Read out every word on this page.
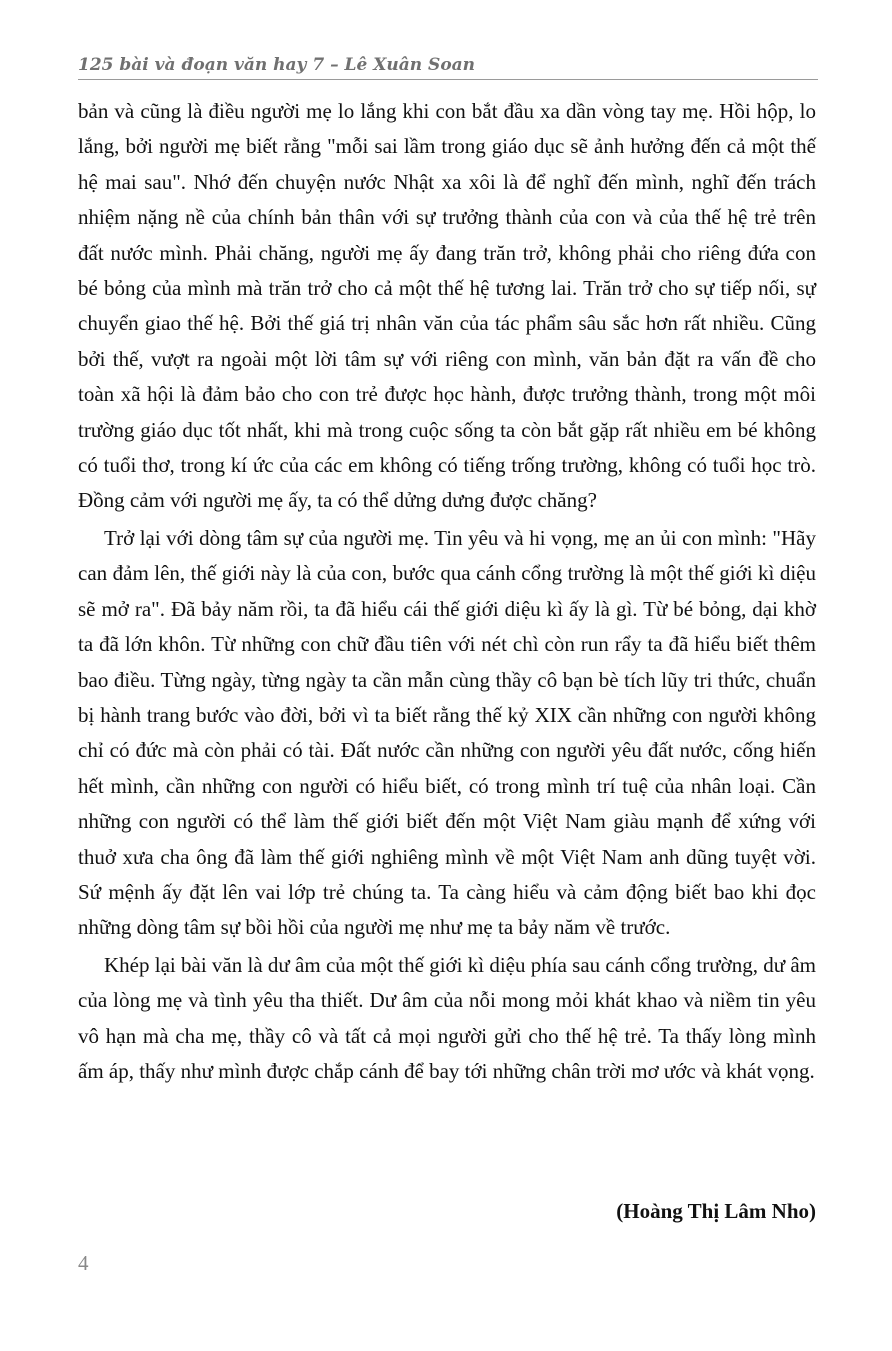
125 bài và đoạn văn hay 7 – Lê Xuân Soan

bản và cũng là điều người mẹ lo lắng khi con bắt đầu xa dần vòng tay mẹ. Hồi hộp, lo lắng, bởi người mẹ biết rằng "mỗi sai lầm trong giáo dục sẽ ảnh hưởng đến cả một thế hệ mai sau". Nhớ đến chuyện nước Nhật xa xôi là để nghĩ đến mình, nghĩ đến trách nhiệm nặng nề của chính bản thân với sự trưởng thành của con và của thế hệ trẻ trên đất nước mình. Phải chăng, người mẹ ấy đang trăn trở, không phải cho riêng đứa con bé bỏng của mình mà trăn trở cho cả một thế hệ tương lai. Trăn trở cho sự tiếp nối, sự chuyển giao thế hệ. Bởi thế giá trị nhân văn của tác phẩm sâu sắc hơn rất nhiều. Cũng bởi thế, vượt ra ngoài một lời tâm sự với riêng con mình, văn bản đặt ra vấn đề cho toàn xã hội là đảm bảo cho con trẻ được học hành, được trưởng thành, trong một môi trường giáo dục tốt nhất, khi mà trong cuộc sống ta còn bắt gặp rất nhiều em bé không có tuổi thơ, trong kí ức của các em không có tiếng trống trường, không có tuổi học trò. Đồng cảm với người mẹ ấy, ta có thể dửng dưng được chăng?

Trở lại với dòng tâm sự của người mẹ. Tin yêu và hi vọng, mẹ an ủi con mình: "Hãy can đảm lên, thế giới này là của con, bước qua cánh cổng trường là một thế giới kì diệu sẽ mở ra". Đã bảy năm rồi, ta đã hiểu cái thế giới diệu kì ấy là gì. Từ bé bỏng, dại khờ ta đã lớn khôn. Từ những con chữ đầu tiên với nét chì còn run rẩy ta đã hiểu biết thêm bao điều. Từng ngày, từng ngày ta cần mẫn cùng thầy cô bạn bè tích lũy tri thức, chuẩn bị hành trang bước vào đời, bởi vì ta biết rằng thế kỷ XIX cần những con người không chỉ có đức mà còn phải có tài. Đất nước cần những con người yêu đất nước, cống hiến hết mình, cần những con người có hiểu biết, có trong mình trí tuệ của nhân loại. Cần những con người có thể làm thế giới biết đến một Việt Nam giàu mạnh để xứng với thuở xưa cha ông đã làm thế giới nghiêng mình về một Việt Nam anh dũng tuyệt vời. Sứ mệnh ấy đặt lên vai lớp trẻ chúng ta. Ta càng hiểu và cảm động biết bao khi đọc những dòng tâm sự bồi hồi của người mẹ như mẹ ta bảy năm về trước.

Khép lại bài văn là dư âm của một thế giới kì diệu phía sau cánh cổng trường, dư âm của lòng mẹ và tình yêu tha thiết. Dư âm của nỗi mong mỏi khát khao và niềm tin yêu vô hạn mà cha mẹ, thầy cô và tất cả mọi người gửi cho thế hệ trẻ. Ta thấy lòng mình ấm áp, thấy như mình được chắp cánh để bay tới những chân trời mơ ước và khát vọng.

(Hoàng Thị Lâm Nho)
4
